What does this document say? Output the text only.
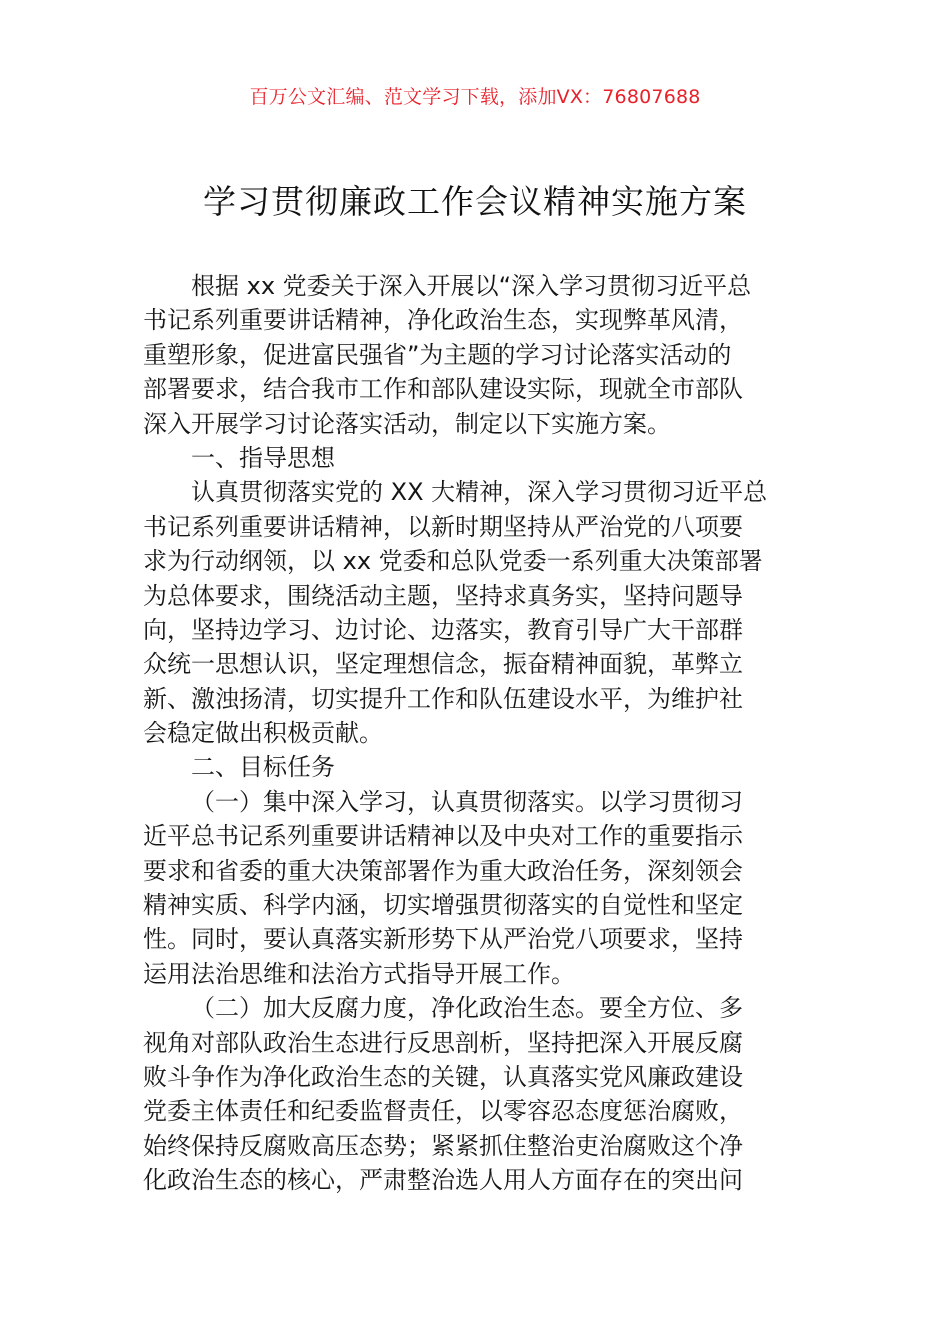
百万公文汇编、范文学习下载，添加VX：76807688
学习贯彻廉政工作会议精神实施方案
根据 xx 党委关于深入开展以“深入学习贯彻习近平总
书记系列重要讲话精神，净化政治生态，实现弊革风清，
重塑形象，促进富民强省”为主题的学习讨论落实活动的
部署要求，结合我市工作和部队建设实际，现就全市部队
深入开展学习讨论落实活动，制定以下实施方案。
一、指导思想
认真贯彻落实党的 XX 大精神，深入学习贯彻习近平总
书记系列重要讲话精神，以新时期坚持从严治党的八项要
求为行动纲领，以 xx 党委和总队党委一系列重大决策部署
为总体要求，围绕活动主题，坚持求真务实，坚持问题导
向，坚持边学习、边讨论、边落实，教育引导广大干部群
众统一思想认识，坚定理想信念，振奋精神面貌，革弊立
新、激浊扬清，切实提升工作和队伍建设水平，为维护社
会稳定做出积极贡献。
二、目标任务
（一）集中深入学习，认真贯彻落实。以学习贯彻习
近平总书记系列重要讲话精神以及中央对工作的重要指示
要求和省委的重大决策部署作为重大政治任务，深刻领会
精神实质、科学内涵，切实增强贯彻落实的自觉性和坚定
性。同时，要认真落实新形势下从严治党八项要求，坚持
运用法治思维和法治方式指导开展工作。
（二）加大反腐力度，净化政治生态。要全方位、多
视角对部队政治生态进行反思剖析，坚持把深入开展反腐
败斗争作为净化政治生态的关键，认真落实党风廉政建设
党委主体责任和纪委监督责任，以零容忍态度惩治腐败，
始终保持反腐败高压态势；紧紧抓住整治吏治腐败这个净
化政治生态的核心，严肃整治选人用人方面存在的突出问
